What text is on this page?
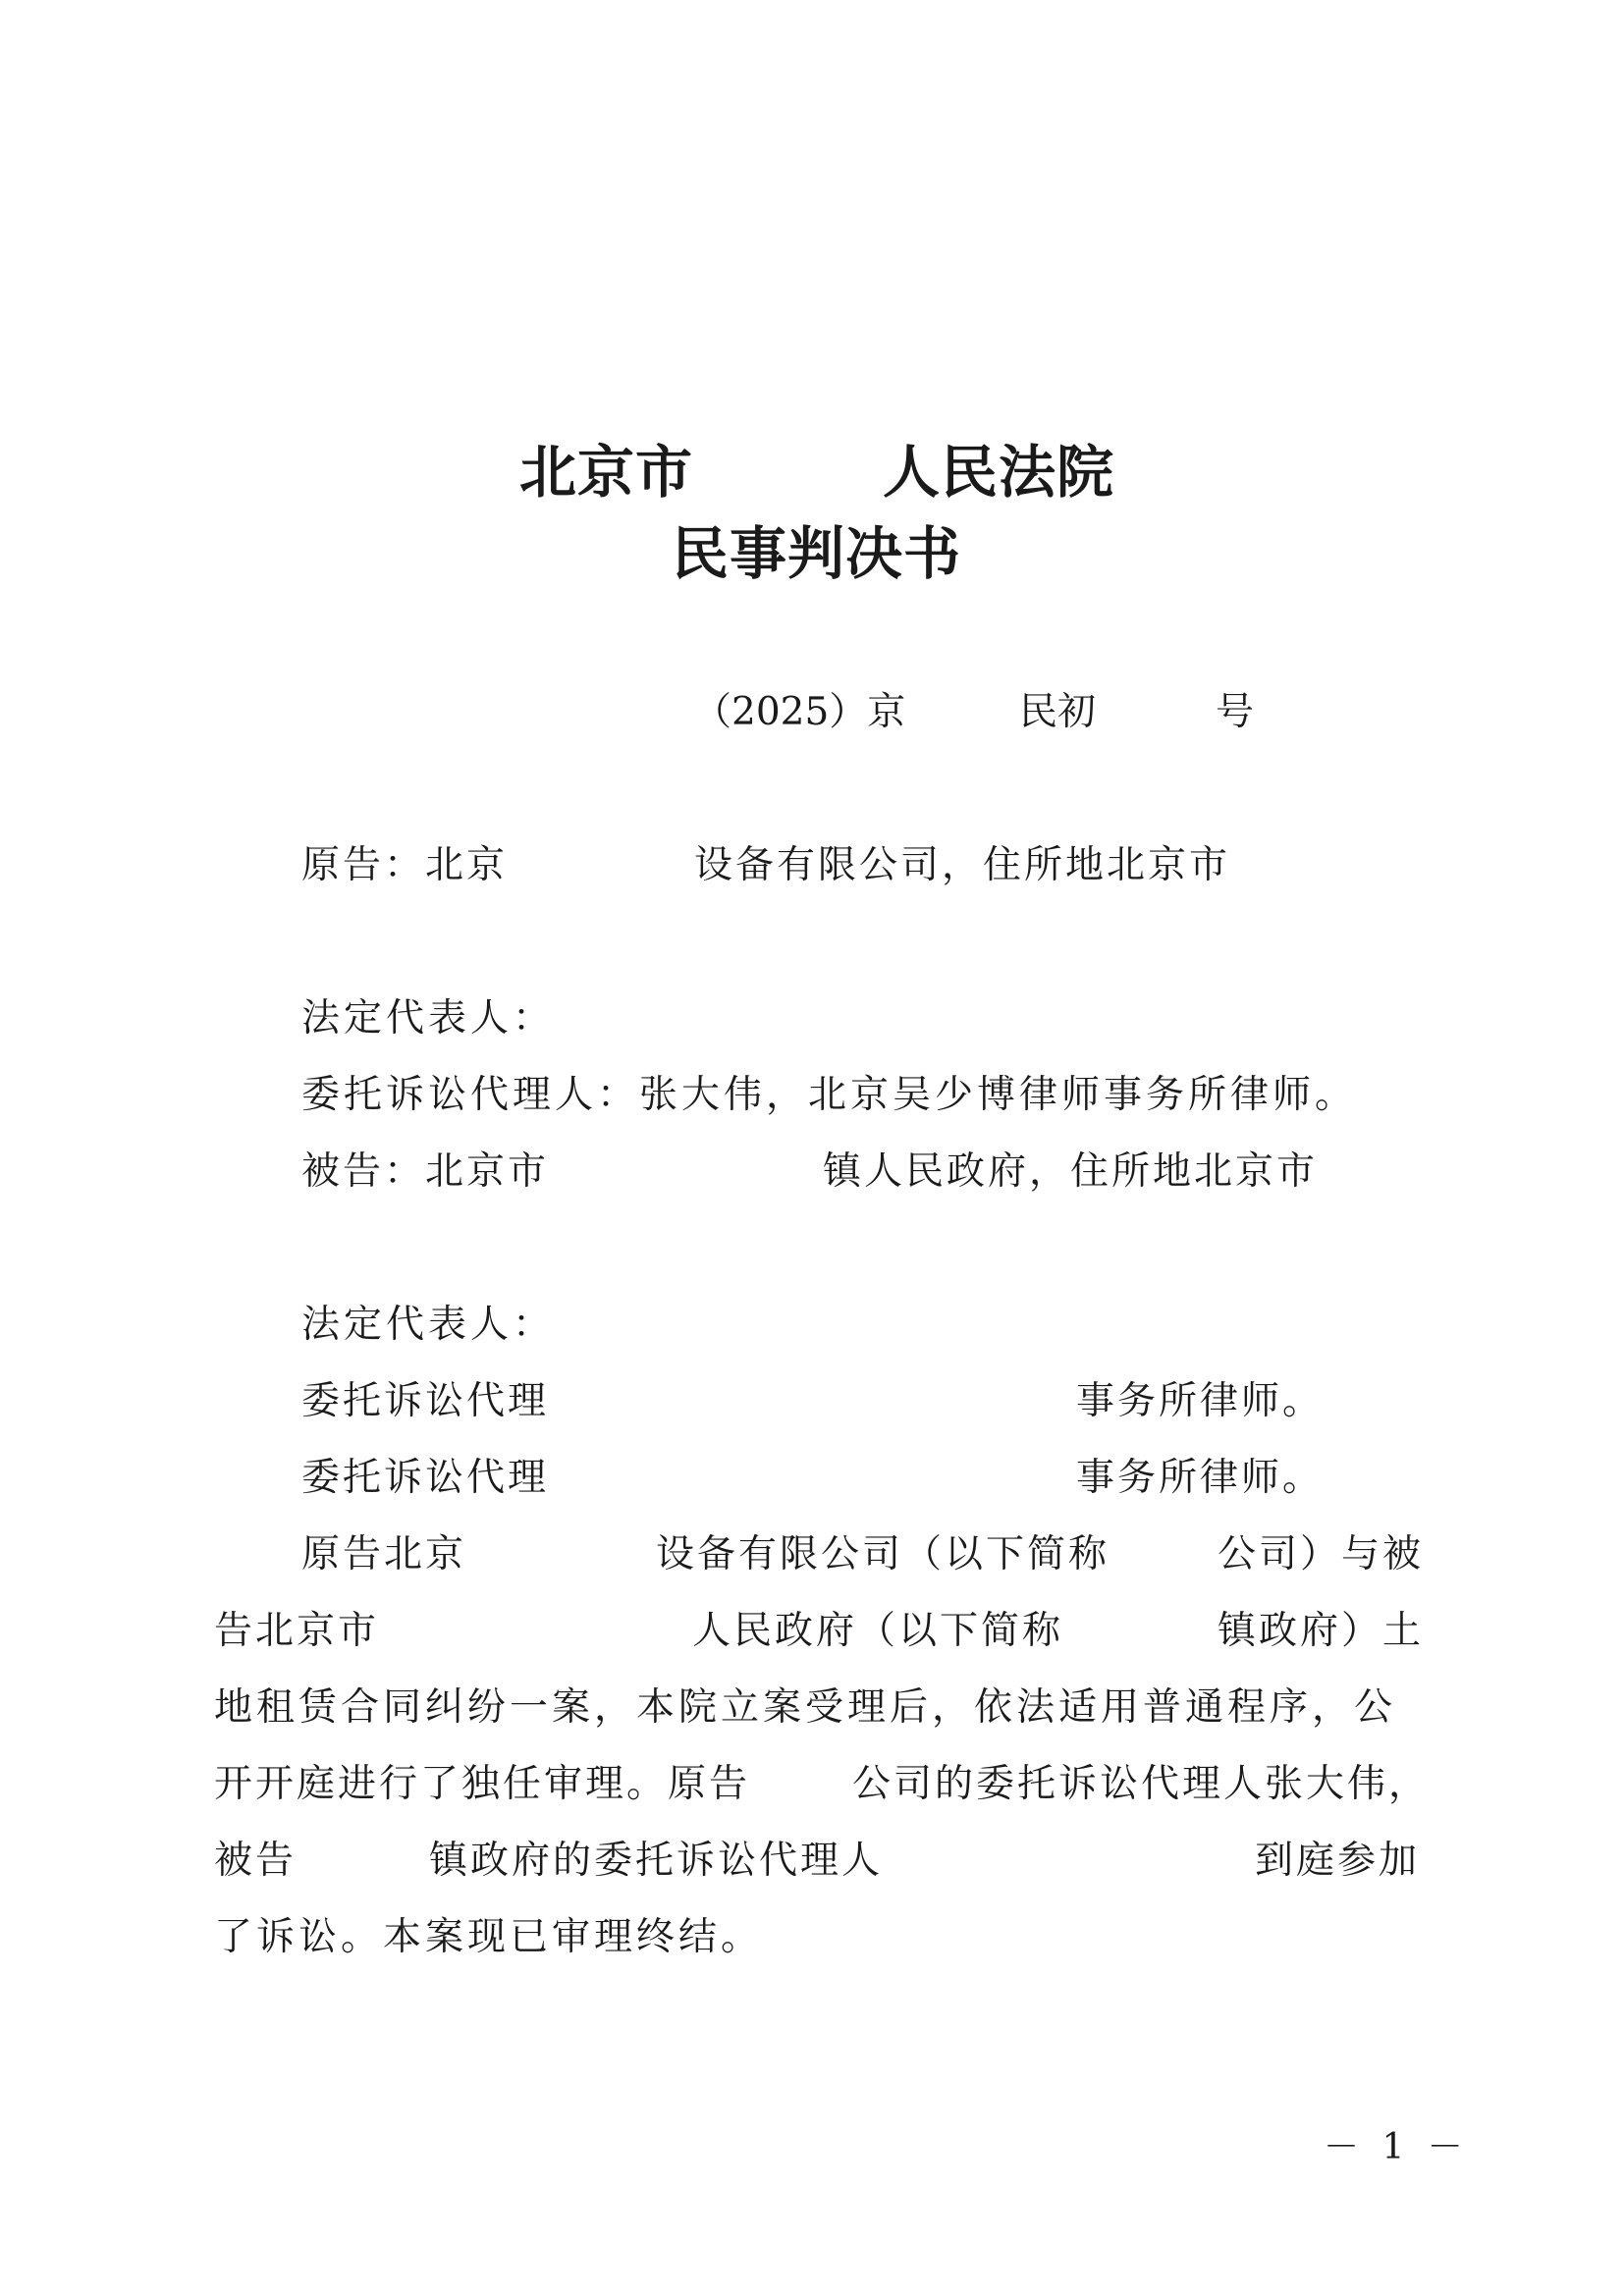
北京市	人民法院
民事判决书
（2025）京	民初	号
原告：北京	设备有限公司，住所地北京市
法定代表人：
委托诉讼代理人：张大伟，北京吴少博律师事务所律师。
被告：北京市	镇人民政府，住所地北京市
法定代表人：
委托诉讼代理	事务所律师。
委托诉讼代理	事务所律师。
原告北京	设备有限公司（以下简称	公司）与被
告北京市	人民政府（以下简称	镇政府）土
地租赁合同纠纷一案，本院立案受理后，依法适用普通程序，公
开开庭进行了独任审理。原告	公司的委托诉讼代理人张大伟，
被告	镇政府的委托诉讼代理人	到庭参加
了诉讼。本案现已审理终结。
－ 1 －
